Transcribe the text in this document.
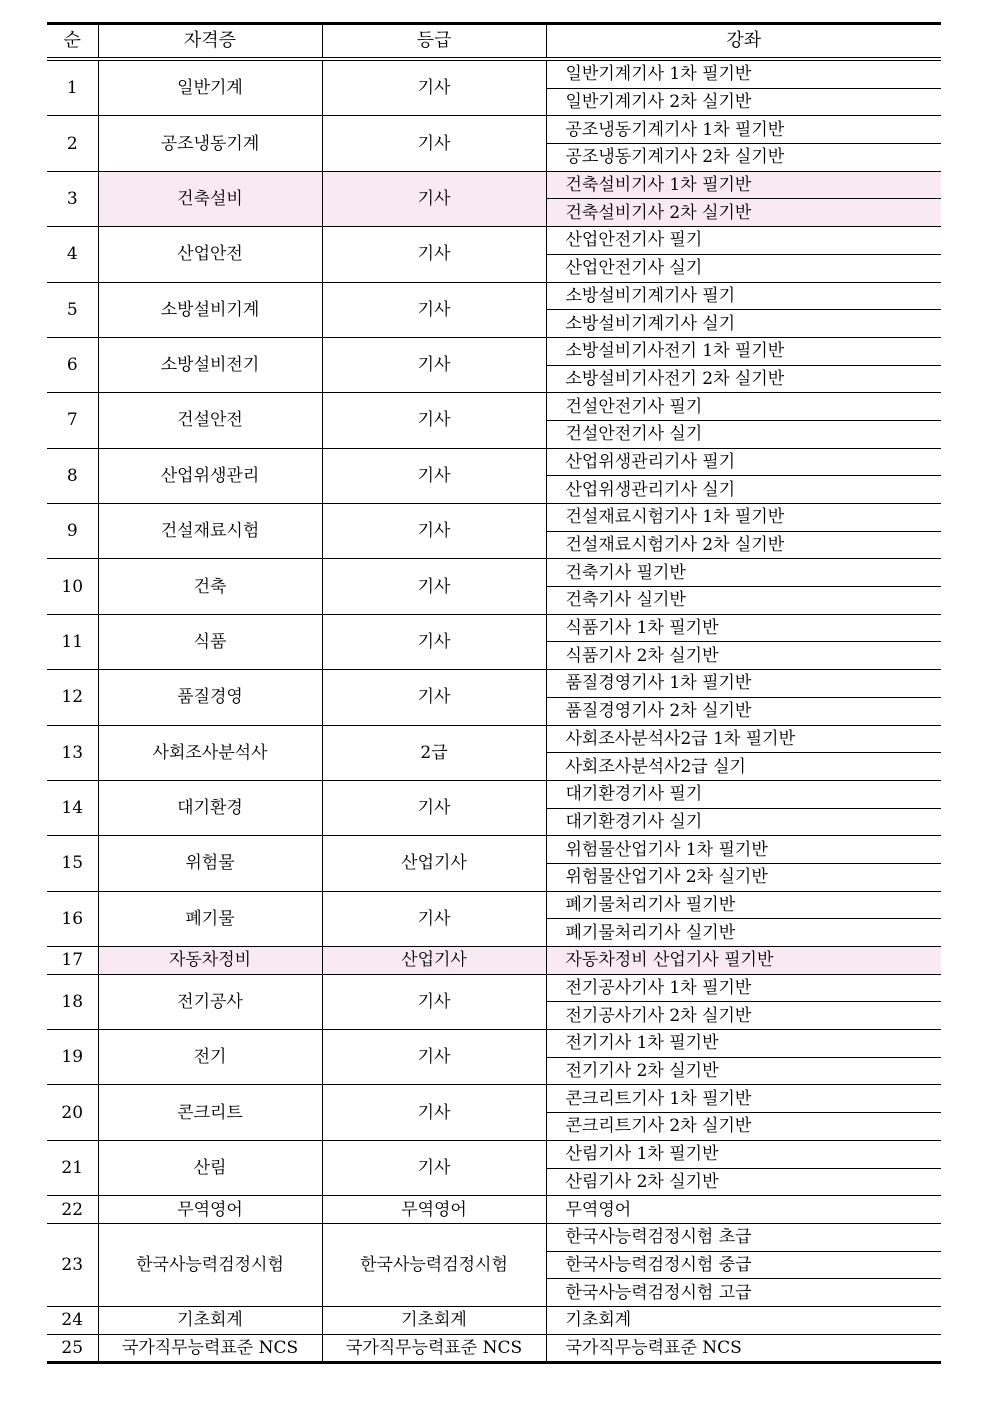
순	자격증	등급	강좌
1	일반기계	기사	일반기계기사 1차 필기반
			일반기계기사 2차 실기반
2	공조냉동기계	기사	공조냉동기계기사 1차 필기반
			공조냉동기계기사 2차 실기반
3	건축설비	기사	건축설비기사 1차 필기반
			건축설비기사 2차 실기반
4	산업안전	기사	산업안전기사 필기
			산업안전기사 실기
5	소방설비기계	기사	소방설비기계기사 필기
			소방설비기계기사 실기
6	소방설비전기	기사	소방설비기사전기 1차 필기반
			소방설비기사전기 2차 실기반
7	건설안전	기사	건설안전기사 필기
			건설안전기사 실기
8	산업위생관리	기사	산업위생관리기사 필기
			산업위생관리기사 실기
9	건설재료시험	기사	건설재료시험기사 1차 필기반
			건설재료시험기사 2차 실기반
10	건축	기사	건축기사 필기반
			건축기사 실기반
11	식품	기사	식품기사 1차 필기반
			식품기사 2차 실기반
12	품질경영	기사	품질경영기사 1차 필기반
			품질경영기사 2차 실기반
13	사회조사분석사	2급	사회조사분석사2급 1차 필기반
			사회조사분석사2급 실기
14	대기환경	기사	대기환경기사 필기
			대기환경기사 실기
15	위험물	산업기사	위험물산업기사 1차 필기반
			위험물산업기사 2차 실기반
16	폐기물	기사	폐기물처리기사 필기반
			폐기물처리기사 실기반
17	자동차정비	산업기사	자동차정비 산업기사 필기반
18	전기공사	기사	전기공사기사 1차 필기반
			전기공사기사 2차 실기반
19	전기	기사	전기기사 1차 필기반
			전기기사 2차 실기반
20	콘크리트	기사	콘크리트기사 1차 필기반
			콘크리트기사 2차 실기반
21	산림	기사	산림기사 1차 필기반
			산림기사 2차 실기반
22	무역영어	무역영어	무역영어
23	한국사능력검정시험	한국사능력검정시험	한국사능력검정시험 초급
			한국사능력검정시험 중급
			한국사능력검정시험 고급
24	기초회계	기초회계	기초회계
25	국가직무능력표준 NCS	국가직무능력표준 NCS	국가직무능력표준 NCS
